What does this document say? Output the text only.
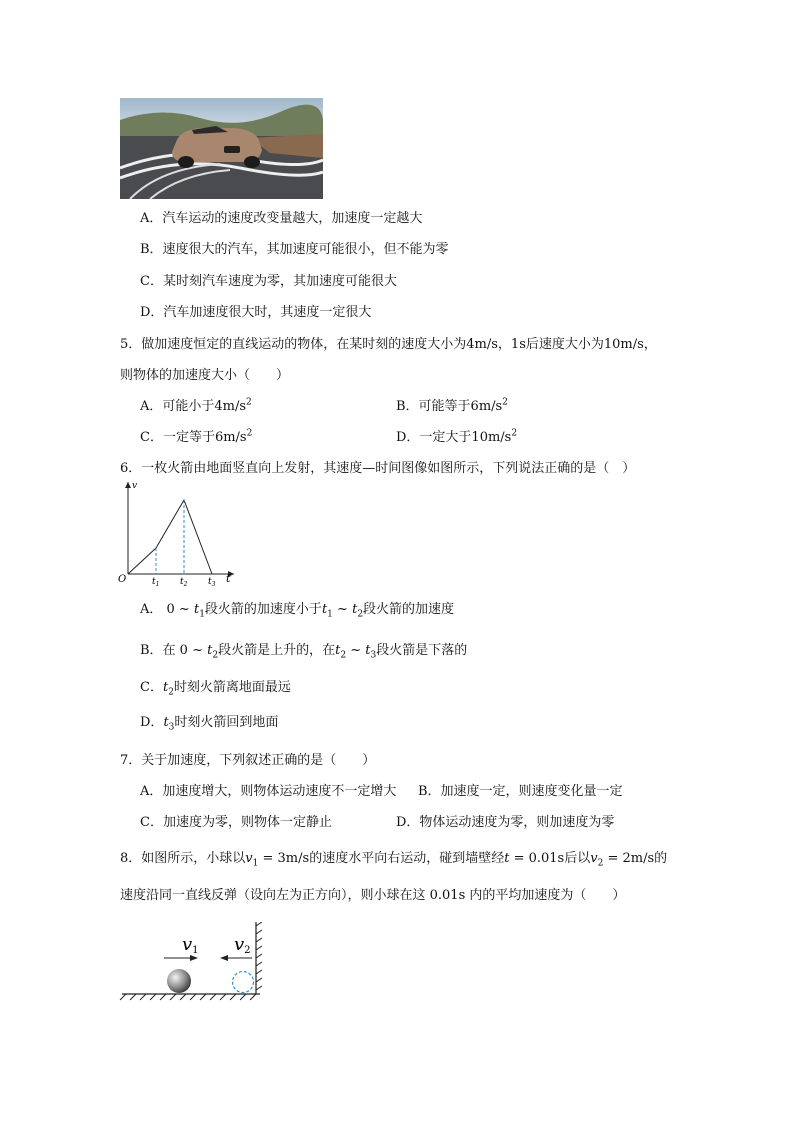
A．汽车运动的速度改变量越大，加速度一定越大
B．速度很大的汽车，其加速度可能很小，但不能为零
C．某时刻汽车速度为零，其加速度可能很大
D．汽车加速度很大时，其速度一定很大
5．做加速度恒定的直线运动的物体，在某时刻的速度大小为4m/s，1s后速度大小为10m/s，
则物体的加速度大小（　　）
A．可能小于$4m/s^2$	B．可能等于$6m/s^2$
C．一定等于$6m/s^2$	D．一定大于$10m/s^2$
6．一枚火箭由地面竖直向上发射，其速度—时间图像如图所示，下列说法正确的是（　）
v
t
O	$t_1$ $t_2$ $t_3$
A． 0 ~ $t_1$段火箭的加速度小于$t_1$ ~ $t_2$段火箭的加速度
B．在 0 ~ $t_2$段火箭是上升的，在$t_2$ ~ $t_3$段火箭是下落的
C．$t_2$时刻火箭离地面最远
D．$t_3$时刻火箭回到地面
7．关于加速度，下列叙述正确的是（　　）
A．加速度增大，则物体运动速度不一定增大 B．加速度一定，则速度变化量一定
C．加速度为零，则物体一定静止	D．物体运动速度为零，则加速度为零
8．如图所示，小球以$v_1 = 3m/s$的速度水平向右运动，碰到墙壁经t = 0.01s后以$v_2 = 2m/s$的
速度沿同一直线反弹（设向左为正方向），则小球在这 0.01s 内的平均加速度为（　　）
v1 v2
